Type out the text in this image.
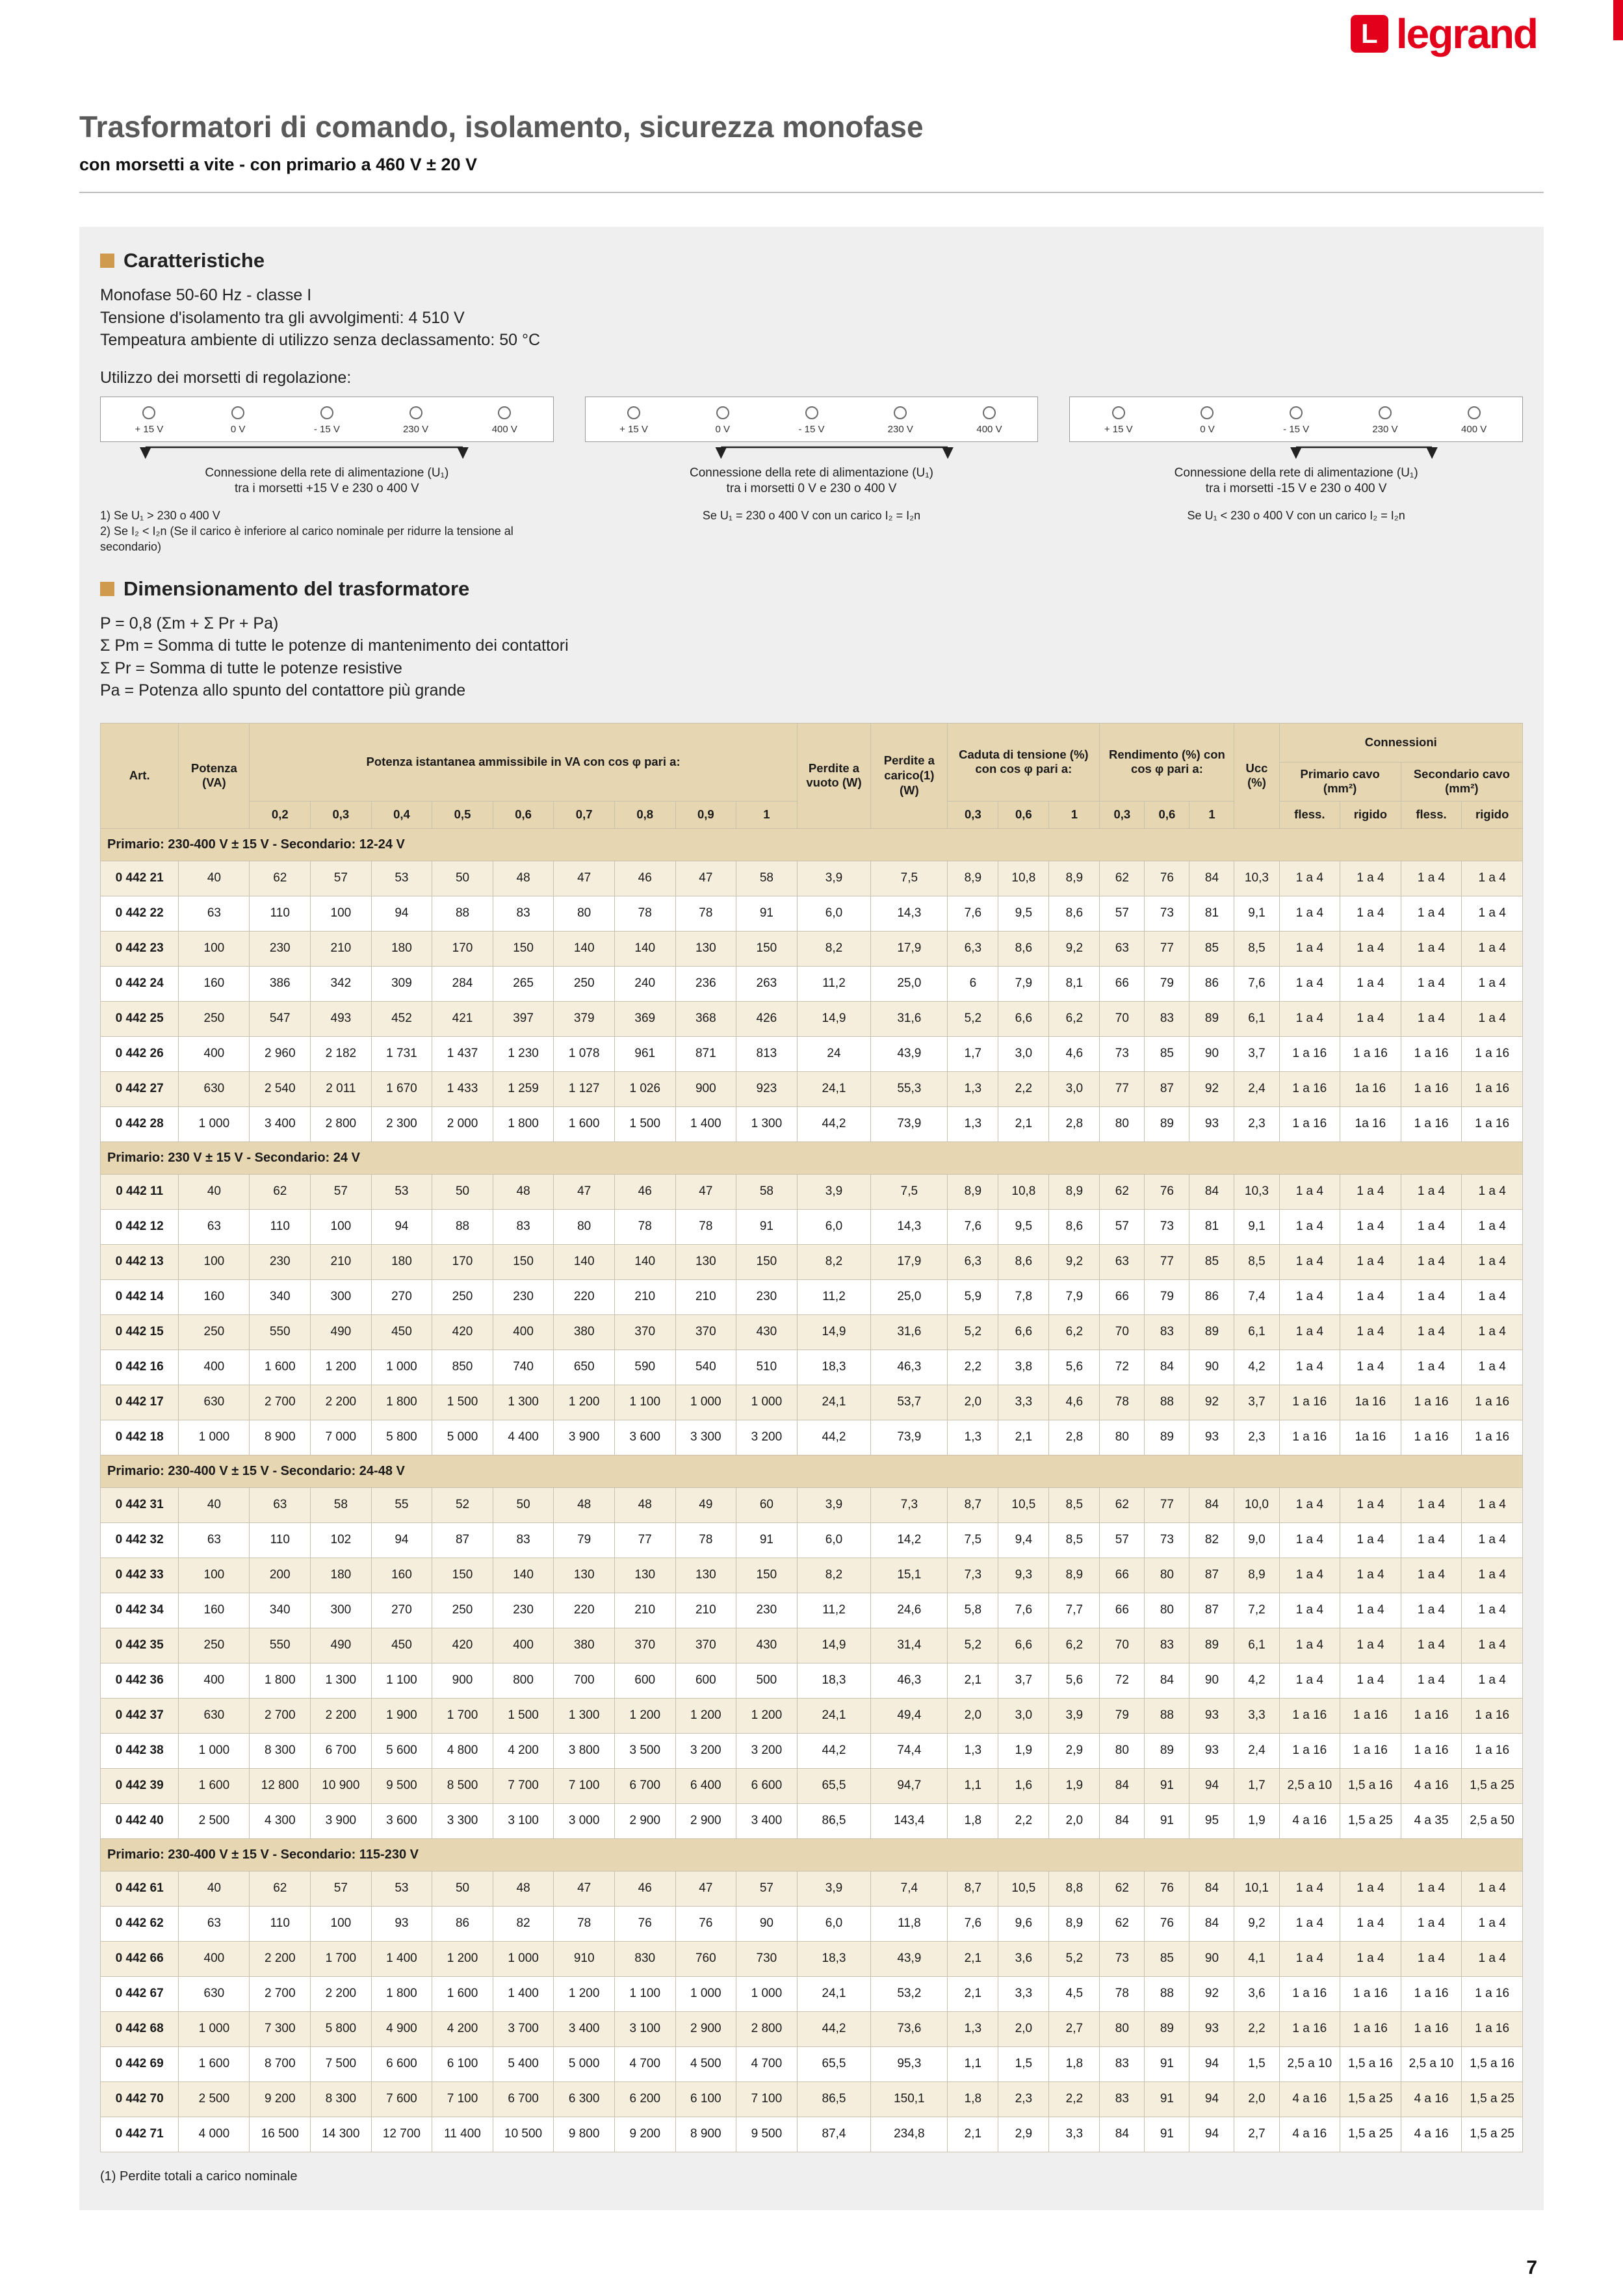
L legrand
Trasformatori di comando, isolamento, sicurezza monofase
con morsetti a vite - con primario a 460 V ± 20 V
Caratteristiche
Monofase 50-60 Hz - classe I
Tensione d'isolamento tra gli avvolgimenti: 4 510 V
Tempeatura ambiente di utilizzo senza declassamento: 50 °C
Utilizzo dei morsetti di regolazione:
+ 15 V	0 V	- 15 V	230 V	400 V
Connessione della rete di alimentazione (U₁)
tra i morsetti +15 V e 230 o 400 V
1) Se U₁ > 230 o 400 V
2) Se I₂ < I₂n (Se il carico è inferiore al carico nominale per ridurre la tensione al secondario)
+ 15 V	0 V	- 15 V	230 V	400 V
Connessione della rete di alimentazione (U₁)
tra i morsetti 0 V e 230 o 400 V
Se U₁ = 230 o 400 V con un carico I₂ = I₂n
+ 15 V	0 V	- 15 V	230 V	400 V
Connessione della rete di alimentazione (U₁)
tra i morsetti -15 V e 230 o 400 V
Se U₁ < 230 o 400 V con un carico I₂ = I₂n
Dimensionamento del trasformatore
P = 0,8 (Σm + Σ Pr + Pa)
Σ Pm = Somma di tutte le potenze di mantenimento dei contattori
Σ Pr = Somma di tutte le potenze resistive
Pa = Potenza allo spunto del contattore più grande
Art.	Potenza (VA)	Potenza istantanea ammissibile in VA con cos φ pari a:									Perdite a vuoto (W)	Perdite a carico(1) (W)	Caduta di tensione (%) con cos φ pari a:			Rendimento (%) con cos φ pari a:			Ucc (%)	Connessioni			
																				Primario cavo (mm²)		Secondario cavo (mm²)	
		0,2	0,3	0,4	0,5	0,6	0,7	0,8	0,9	1			0,3	0,6	1	0,3	0,6	1		fless.	rigido	fless.	rigido
Primario: 230-400 V ± 15 V - Secondario: 12-24 V																							
0 442 21	40	62	57	53	50	48	47	46	47	58	3,9	7,5	8,9	10,8	8,9	62	76	84	10,3	1 a 4	1 a 4	1 a 4	1 a 4
0 442 22	63	110	100	94	88	83	80	78	78	91	6,0	14,3	7,6	9,5	8,6	57	73	81	9,1	1 a 4	1 a 4	1 a 4	1 a 4
0 442 23	100	230	210	180	170	150	140	140	130	150	8,2	17,9	6,3	8,6	9,2	63	77	85	8,5	1 a 4	1 a 4	1 a 4	1 a 4
0 442 24	160	386	342	309	284	265	250	240	236	263	11,2	25,0	6	7,9	8,1	66	79	86	7,6	1 a 4	1 a 4	1 a 4	1 a 4
0 442 25	250	547	493	452	421	397	379	369	368	426	14,9	31,6	5,2	6,6	6,2	70	83	89	6,1	1 a 4	1 a 4	1 a 4	1 a 4
0 442 26	400	2 960	2 182	1 731	1 437	1 230	1 078	961	871	813	24	43,9	1,7	3,0	4,6	73	85	90	3,7	1 a 16	1 a 16	1 a 16	1 a 16
0 442 27	630	2 540	2 011	1 670	1 433	1 259	1 127	1 026	900	923	24,1	55,3	1,3	2,2	3,0	77	87	92	2,4	1 a 16	1a 16	1 a 16	1 a 16
0 442 28	1 000	3 400	2 800	2 300	2 000	1 800	1 600	1 500	1 400	1 300	44,2	73,9	1,3	2,1	2,8	80	89	93	2,3	1 a 16	1a 16	1 a 16	1 a 16
Primario: 230 V ± 15 V - Secondario: 24 V																							
0 442 11	40	62	57	53	50	48	47	46	47	58	3,9	7,5	8,9	10,8	8,9	62	76	84	10,3	1 a 4	1 a 4	1 a 4	1 a 4
0 442 12	63	110	100	94	88	83	80	78	78	91	6,0	14,3	7,6	9,5	8,6	57	73	81	9,1	1 a 4	1 a 4	1 a 4	1 a 4
0 442 13	100	230	210	180	170	150	140	140	130	150	8,2	17,9	6,3	8,6	9,2	63	77	85	8,5	1 a 4	1 a 4	1 a 4	1 a 4
0 442 14	160	340	300	270	250	230	220	210	210	230	11,2	25,0	5,9	7,8	7,9	66	79	86	7,4	1 a 4	1 a 4	1 a 4	1 a 4
0 442 15	250	550	490	450	420	400	380	370	370	430	14,9	31,6	5,2	6,6	6,2	70	83	89	6,1	1 a 4	1 a 4	1 a 4	1 a 4
0 442 16	400	1 600	1 200	1 000	850	740	650	590	540	510	18,3	46,3	2,2	3,8	5,6	72	84	90	4,2	1 a 4	1 a 4	1 a 4	1 a 4
0 442 17	630	2 700	2 200	1 800	1 500	1 300	1 200	1 100	1 000	1 000	24,1	53,7	2,0	3,3	4,6	78	88	92	3,7	1 a 16	1a 16	1 a 16	1 a 16
0 442 18	1 000	8 900	7 000	5 800	5 000	4 400	3 900	3 600	3 300	3 200	44,2	73,9	1,3	2,1	2,8	80	89	93	2,3	1 a 16	1a 16	1 a 16	1 a 16
Primario: 230-400 V ± 15 V - Secondario: 24-48 V																							
0 442 31	40	63	58	55	52	50	48	48	49	60	3,9	7,3	8,7	10,5	8,5	62	77	84	10,0	1 a 4	1 a 4	1 a 4	1 a 4
0 442 32	63	110	102	94	87	83	79	77	78	91	6,0	14,2	7,5	9,4	8,5	57	73	82	9,0	1 a 4	1 a 4	1 a 4	1 a 4
0 442 33	100	200	180	160	150	140	130	130	130	150	8,2	15,1	7,3	9,3	8,9	66	80	87	8,9	1 a 4	1 a 4	1 a 4	1 a 4
0 442 34	160	340	300	270	250	230	220	210	210	230	11,2	24,6	5,8	7,6	7,7	66	80	87	7,2	1 a 4	1 a 4	1 a 4	1 a 4
0 442 35	250	550	490	450	420	400	380	370	370	430	14,9	31,4	5,2	6,6	6,2	70	83	89	6,1	1 a 4	1 a 4	1 a 4	1 a 4
0 442 36	400	1 800	1 300	1 100	900	800	700	600	600	500	18,3	46,3	2,1	3,7	5,6	72	84	90	4,2	1 a 4	1 a 4	1 a 4	1 a 4
0 442 37	630	2 700	2 200	1 900	1 700	1 500	1 300	1 200	1 200	1 200	24,1	49,4	2,0	3,0	3,9	79	88	93	3,3	1 a 16	1 a 16	1 a 16	1 a 16
0 442 38	1 000	8 300	6 700	5 600	4 800	4 200	3 800	3 500	3 200	3 200	44,2	74,4	1,3	1,9	2,9	80	89	93	2,4	1 a 16	1 a 16	1 a 16	1 a 16
0 442 39	1 600	12 800	10 900	9 500	8 500	7 700	7 100	6 700	6 400	6 600	65,5	94,7	1,1	1,6	1,9	84	91	94	1,7	2,5 a 10	1,5 a 16	4 a 16	1,5 a 25
0 442 40	2 500	4 300	3 900	3 600	3 300	3 100	3 000	2 900	2 900	3 400	86,5	143,4	1,8	2,2	2,0	84	91	95	1,9	4 a 16	1,5 a 25	4 a 35	2,5 a 50
Primario: 230-400 V ± 15 V - Secondario: 115-230 V																							
0 442 61	40	62	57	53	50	48	47	46	47	57	3,9	7,4	8,7	10,5	8,8	62	76	84	10,1	1 a 4	1 a 4	1 a 4	1 a 4
0 442 62	63	110	100	93	86	82	78	76	76	90	6,0	11,8	7,6	9,6	8,9	62	76	84	9,2	1 a 4	1 a 4	1 a 4	1 a 4
0 442 66	400	2 200	1 700	1 400	1 200	1 000	910	830	760	730	18,3	43,9	2,1	3,6	5,2	73	85	90	4,1	1 a 4	1 a 4	1 a 4	1 a 4
0 442 67	630	2 700	2 200	1 800	1 600	1 400	1 200	1 100	1 000	1 000	24,1	53,2	2,1	3,3	4,5	78	88	92	3,6	1 a 16	1 a 16	1 a 16	1 a 16
0 442 68	1 000	7 300	5 800	4 900	4 200	3 700	3 400	3 100	2 900	2 800	44,2	73,6	1,3	2,0	2,7	80	89	93	2,2	1 a 16	1 a 16	1 a 16	1 a 16
0 442 69	1 600	8 700	7 500	6 600	6 100	5 400	5 000	4 700	4 500	4 700	65,5	95,3	1,1	1,5	1,8	83	91	94	1,5	2,5 a 10	1,5 a 16	2,5 a 10	1,5 a 16
0 442 70	2 500	9 200	8 300	7 600	7 100	6 700	6 300	6 200	6 100	7 100	86,5	150,1	1,8	2,3	2,2	83	91	94	2,0	4 a 16	1,5 a 25	4 a 16	1,5 a 25
0 442 71	4 000	16 500	14 300	12 700	11 400	10 500	9 800	9 200	8 900	9 500	87,4	234,8	2,1	2,9	3,3	84	91	94	2,7	4 a 16	1,5 a 25	4 a 16	1,5 a 25
(1) Perdite totali a carico nominale
7
